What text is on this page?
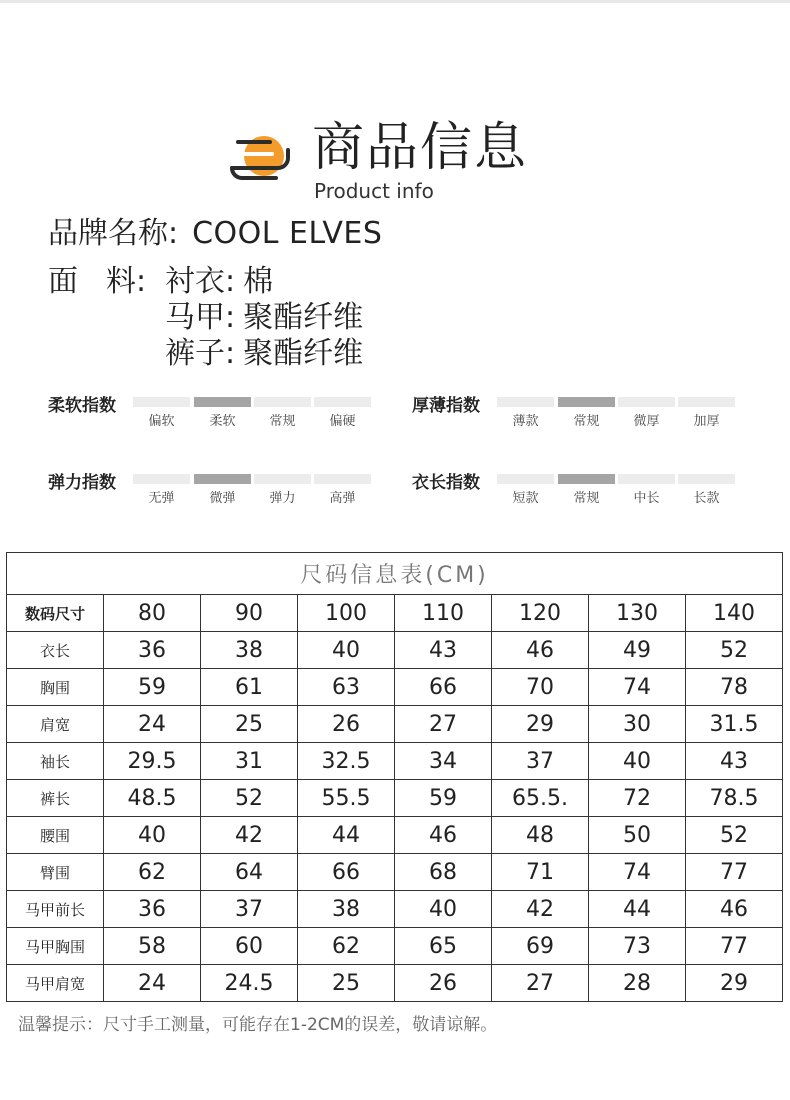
商品信息
Product info
品牌名称: COOL ELVES
面 料: 衬衣: 棉
马甲: 聚酯纤维
裤子: 聚酯纤维
柔软指数
偏软	柔软	常规	偏硬
厚薄指数
薄款	常规	微厚	加厚
弹力指数
无弹	微弹	弹力	高弹
衣长指数
短款	常规	中长	长款
尺码信息表(CM)							
数码尺寸	80	90	100	110	120	130	140
衣长	36	38	40	43	46	49	52
胸围	59	61	63	66	70	74	78
肩宽	24	25	26	27	29	30	31.5
袖长	29.5	31	32.5	34	37	40	43
裤长	48.5	52	55.5	59	65.5.	72	78.5
腰围	40	42	44	46	48	50	52
臂围	62	64	66	68	71	74	77
马甲前长	36	37	38	40	42	44	46
马甲胸围	58	60	62	65	69	73	77
马甲肩宽	24	24.5	25	26	27	28	29
温馨提示：尺寸手工测量，可能存在1-2CM的误差，敬请谅解。
